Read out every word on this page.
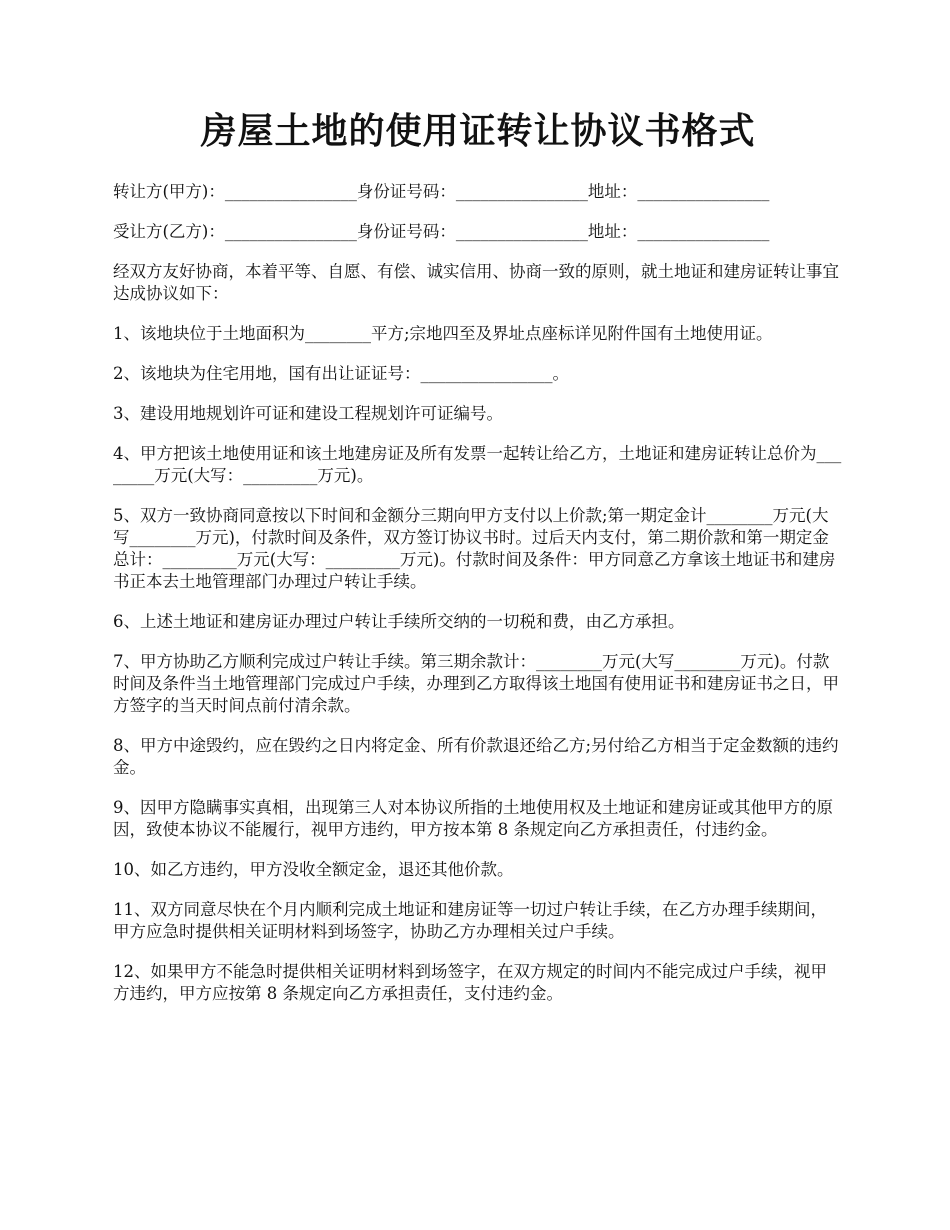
房屋土地的使用证转让协议书格式

转让方(甲方)：________________身份证号码：________________地址：________________

受让方(乙方)：________________身份证号码：________________地址：________________

经双方友好协商，本着平等、自愿、有偿、诚实信用、协商一致的原则，就土地证和建房证转让事宜达成协议如下：

1、该地块位于土地面积为________平方;宗地四至及界址点座标详见附件国有土地使用证。

2、该地块为住宅用地，国有出让证证号：________________。

3、建设用地规划许可证和建设工程规划许可证编号。

4、甲方把该土地使用证和该土地建房证及所有发票一起转让给乙方，土地证和建房证转让总价为________万元(大写：_________万元)。

5、双方一致协商同意按以下时间和金额分三期向甲方支付以上价款;第一期定金计________万元(大写________万元)，付款时间及条件，双方签订协议书时。过后天内支付，第二期价款和第一期定金总计：_________万元(大写：_________万元)。付款时间及条件：甲方同意乙方拿该土地证书和建房书正本去土地管理部门办理过户转让手续。

6、上述土地证和建房证办理过户转让手续所交纳的一切税和费，由乙方承担。

7、甲方协助乙方顺利完成过户转让手续。第三期余款计：________万元(大写________万元)。付款时间及条件当土地管理部门完成过户手续，办理到乙方取得该土地国有使用证书和建房证书之日，甲方签字的当天时间点前付清余款。

8、甲方中途毁约，应在毁约之日内将定金、所有价款退还给乙方;另付给乙方相当于定金数额的违约金。

9、因甲方隐瞒事实真相，出现第三人对本协议所指的土地使用权及土地证和建房证或其他甲方的原因，致使本协议不能履行，视甲方违约，甲方按本第 8 条规定向乙方承担责任，付违约金。

10、如乙方违约，甲方没收全额定金，退还其他价款。

11、双方同意尽快在个月内顺利完成土地证和建房证等一切过户转让手续，在乙方办理手续期间，甲方应急时提供相关证明材料到场签字，协助乙方办理相关过户手续。

12、如果甲方不能急时提供相关证明材料到场签字，在双方规定的时间内不能完成过户手续，视甲方违约，甲方应按第 8 条规定向乙方承担责任，支付违约金。
